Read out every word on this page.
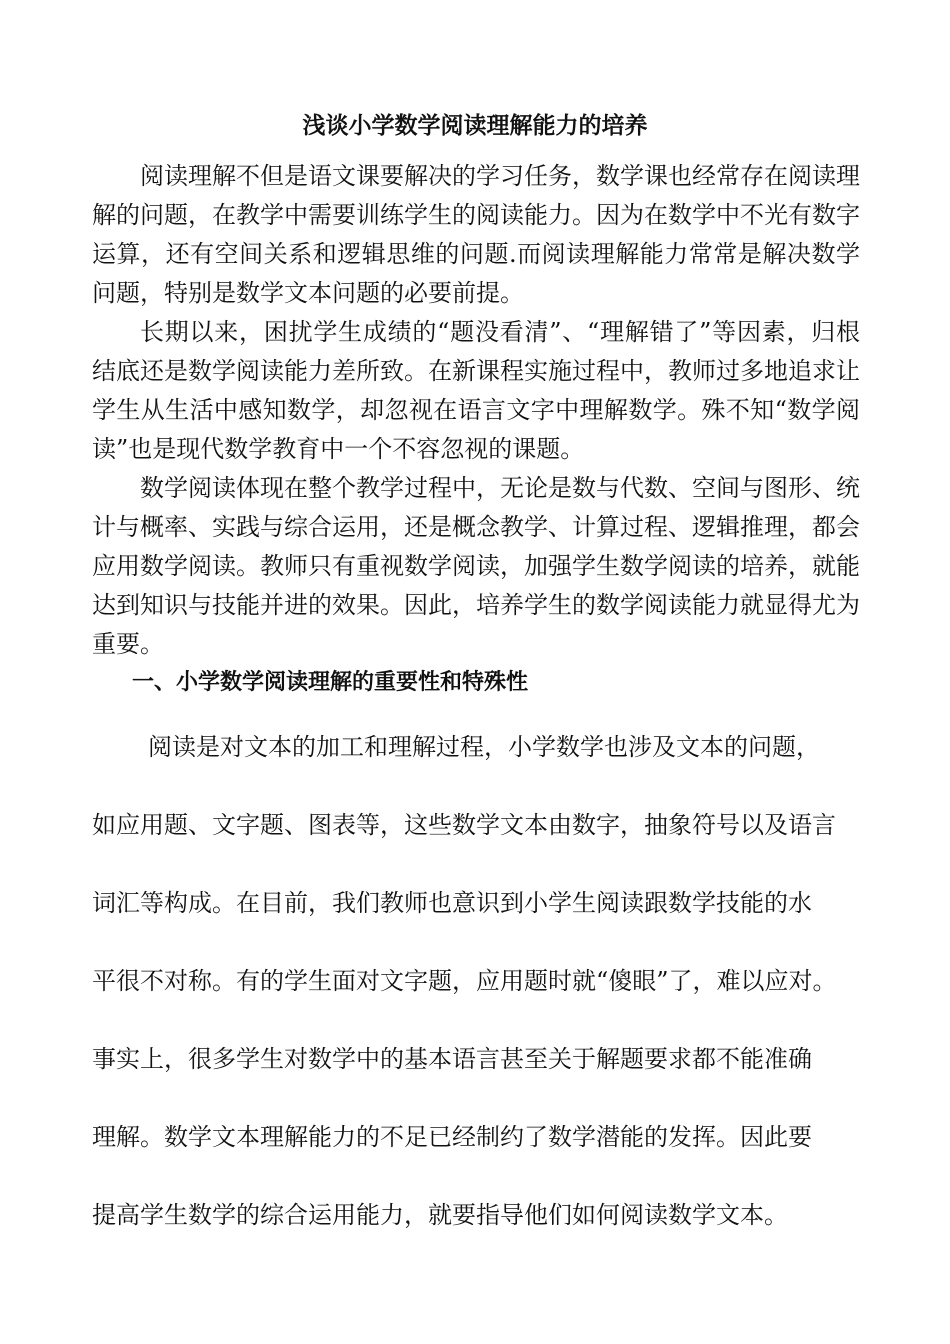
浅谈小学数学阅读理解能力的培养

阅读理解不但是语文课要解决的学习任务，数学课也经常存在阅读理解的问题，在教学中需要训练学生的阅读能力。因为在数学中不光有数字运算，还有空间关系和逻辑思维的问题.而阅读理解能力常常是解决数学问题，特别是数学文本问题的必要前提。

长期以来，困扰学生成绩的“题没看清”、“理解错了”等因素，归根结底还是数学阅读能力差所致。在新课程实施过程中，教师过多地追求让学生从生活中感知数学，却忽视在语言文字中理解数学。殊不知“数学阅读”也是现代数学教育中一个不容忽视的课题。

数学阅读体现在整个教学过程中，无论是数与代数、空间与图形、统计与概率、实践与综合运用，还是概念教学、计算过程、逻辑推理，都会应用数学阅读。教师只有重视数学阅读，加强学生数学阅读的培养，就能达到知识与技能并进的效果。因此，培养学生的数学阅读能力就显得尤为重要。

一、小学数学阅读理解的重要性和特殊性
阅读是对文本的加工和理解过程，小学数学也涉及文本的问题，
如应用题、文字题、图表等，这些数学文本由数字，抽象符号以及语言
词汇等构成。在目前，我们教师也意识到小学生阅读跟数学技能的水
平很不对称。有的学生面对文字题，应用题时就“傻眼”了，难以应对。
事实上，很多学生对数学中的基本语言甚至关于解题要求都不能准确
理解。数学文本理解能力的不足已经制约了数学潜能的发挥。因此要
提高学生数学的综合运用能力，就要指导他们如何阅读数学文本。
